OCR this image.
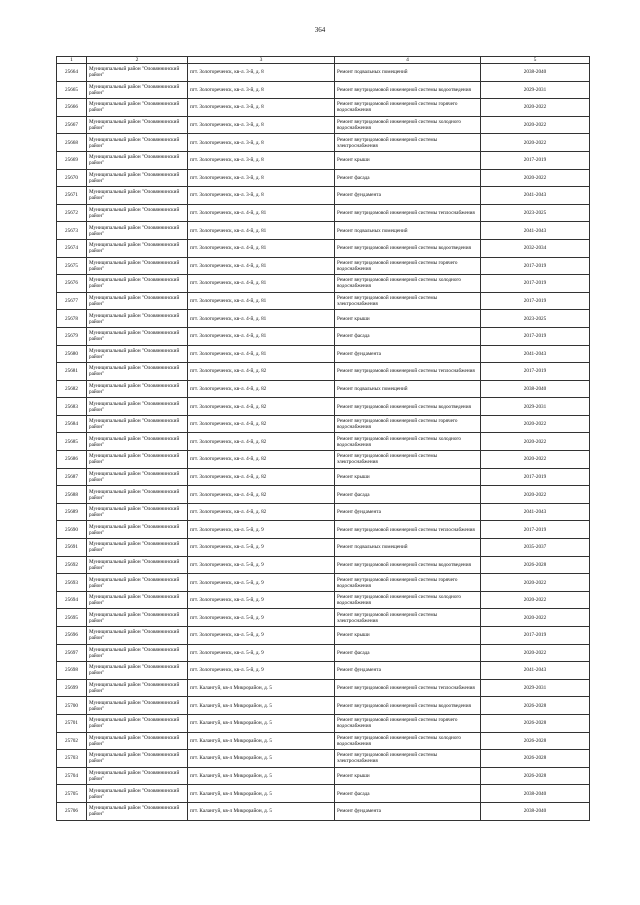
364
1	2	3	4	5
25664	Муниципальный район "Оловяннинский район"	пгт. Золотореченск, кв-л. 3-й, д. 8	Ремонт подвальных помещений	2038-2040
25665	Муниципальный район "Оловяннинский район"	пгт. Золотореченск, кв-л. 3-й, д. 8	Ремонт внутридомовой инженерной системы водоотведения	2029-2031
25666	Муниципальный район "Оловяннинский район"	пгт. Золотореченск, кв-л. 3-й, д. 8	Ремонт внутридомовой инженерной системы горячего водоснабжения	2020-2022
25667	Муниципальный район "Оловяннинский район"	пгт. Золотореченск, кв-л. 3-й, д. 8	Ремонт внутридомовой инженерной системы холодного водоснабжения	2020-2022
25668	Муниципальный район "Оловяннинский район"	пгт. Золотореченск, кв-л. 3-й, д. 8	Ремонт внутридомовой инженерной системы электроснабжения	2020-2022
25669	Муниципальный район "Оловяннинский район"	пгт. Золотореченск, кв-л. 3-й, д. 8	Ремонт крыши	2017-2019
25670	Муниципальный район "Оловяннинский район"	пгт. Золотореченск, кв-л. 3-й, д. 8	Ремонт фасада	2020-2022
25671	Муниципальный район "Оловяннинский район"	пгт. Золотореченск, кв-л. 3-й, д. 8	Ремонт фундамента	2041-2043
25672	Муниципальный район "Оловяннинский район"	пгт. Золотореченск, кв-л. 4-й, д. 81	Ремонт внутридомовой инженерной системы теплоснабжения	2023-2025
25673	Муниципальный район "Оловяннинский район"	пгт. Золотореченск, кв-л. 4-й, д. 81	Ремонт подвальных помещений	2041-2043
25674	Муниципальный район "Оловяннинский район"	пгт. Золотореченск, кв-л. 4-й, д. 81	Ремонт внутридомовой инженерной системы водоотведения	2032-2034
25675	Муниципальный район "Оловяннинский район"	пгт. Золотореченск, кв-л. 4-й, д. 81	Ремонт внутридомовой инженерной системы горячего водоснабжения	2017-2019
25676	Муниципальный район "Оловяннинский район"	пгт. Золотореченск, кв-л. 4-й, д. 81	Ремонт внутридомовой инженерной системы холодного водоснабжения	2017-2019
25677	Муниципальный район "Оловяннинский район"	пгт. Золотореченск, кв-л. 4-й, д. 81	Ремонт внутридомовой инженерной системы электроснабжения	2017-2019
25678	Муниципальный район "Оловяннинский район"	пгт. Золотореченск, кв-л. 4-й, д. 81	Ремонт крыши	2023-2025
25679	Муниципальный район "Оловяннинский район"	пгт. Золотореченск, кв-л. 4-й, д. 81	Ремонт фасада	2017-2019
25680	Муниципальный район "Оловяннинский район"	пгт. Золотореченск, кв-л. 4-й, д. 81	Ремонт фундамента	2041-2043
25681	Муниципальный район "Оловяннинский район"	пгт. Золотореченск, кв-л. 4-й, д. 82	Ремонт внутридомовой инженерной системы теплоснабжения	2017-2019
25682	Муниципальный район "Оловяннинский район"	пгт. Золотореченск, кв-л. 4-й, д. 82	Ремонт подвальных помещений	2038-2040
25683	Муниципальный район "Оловяннинский район"	пгт. Золотореченск, кв-л. 4-й, д. 82	Ремонт внутридомовой инженерной системы водоотведения	2029-2031
25684	Муниципальный район "Оловяннинский район"	пгт. Золотореченск, кв-л. 4-й, д. 82	Ремонт внутридомовой инженерной системы горячего водоснабжения	2020-2022
25685	Муниципальный район "Оловяннинский район"	пгт. Золотореченск, кв-л. 4-й, д. 82	Ремонт внутридомовой инженерной системы холодного водоснабжения	2020-2022
25686	Муниципальный район "Оловяннинский район"	пгт. Золотореченск, кв-л. 4-й, д. 82	Ремонт внутридомовой инженерной системы электроснабжения	2020-2022
25687	Муниципальный район "Оловяннинский район"	пгт. Золотореченск, кв-л. 4-й, д. 82	Ремонт крыши	2017-2019
25688	Муниципальный район "Оловяннинский район"	пгт. Золотореченск, кв-л. 4-й, д. 82	Ремонт фасада	2020-2022
25689	Муниципальный район "Оловяннинский район"	пгт. Золотореченск, кв-л. 4-й, д. 82	Ремонт фундамента	2041-2043
25690	Муниципальный район "Оловяннинский район"	пгт. Золотореченск, кв-л. 5-й, д. 9	Ремонт внутридомовой инженерной системы теплоснабжения	2017-2019
25691	Муниципальный район "Оловяннинский район"	пгт. Золотореченск, кв-л. 5-й, д. 9	Ремонт подвальных помещений	2035-2037
25692	Муниципальный район "Оловяннинский район"	пгт. Золотореченск, кв-л. 5-й, д. 9	Ремонт внутридомовой инженерной системы водоотведения	2026-2028
25693	Муниципальный район "Оловяннинский район"	пгт. Золотореченск, кв-л. 5-й, д. 9	Ремонт внутридомовой инженерной системы горячего водоснабжения	2020-2022
25694	Муниципальный район "Оловяннинский район"	пгт. Золотореченск, кв-л. 5-й, д. 9	Ремонт внутридомовой инженерной системы холодного водоснабжения	2020-2022
25695	Муниципальный район "Оловяннинский район"	пгт. Золотореченск, кв-л. 5-й, д. 9	Ремонт внутридомовой инженерной системы электроснабжения	2020-2022
25696	Муниципальный район "Оловяннинский район"	пгт. Золотореченск, кв-л. 5-й, д. 9	Ремонт крыши	2017-2019
25697	Муниципальный район "Оловяннинский район"	пгт. Золотореченск, кв-л. 5-й, д. 9	Ремонт фасада	2020-2022
25698	Муниципальный район "Оловяннинский район"	пгт. Золотореченск, кв-л. 5-й, д. 9	Ремонт фундамента	2041-2043
25699	Муниципальный район "Оловяннинский район"	пгт. Калангуй, кв-л Микрорайон, д. 5	Ремонт внутридомовой инженерной системы теплоснабжения	2029-2031
25700	Муниципальный район "Оловяннинский район"	пгт. Калангуй, кв-л Микрорайон, д. 5	Ремонт внутридомовой инженерной системы водоотведения	2026-2028
25701	Муниципальный район "Оловяннинский район"	пгт. Калангуй, кв-л Микрорайон, д. 5	Ремонт внутридомовой инженерной системы горячего водоснабжения	2026-2028
25702	Муниципальный район "Оловяннинский район"	пгт. Калангуй, кв-л Микрорайон, д. 5	Ремонт внутридомовой инженерной системы холодного водоснабжения	2026-2028
25703	Муниципальный район "Оловяннинский район"	пгт. Калангуй, кв-л Микрорайон, д. 5	Ремонт внутридомовой инженерной системы электроснабжения	2026-2028
25704	Муниципальный район "Оловяннинский район"	пгт. Калангуй, кв-л Микрорайон, д. 5	Ремонт крыши	2026-2028
25705	Муниципальный район "Оловяннинский район"	пгт. Калангуй, кв-л Микрорайон, д. 5	Ремонт фасада	2038-2040
25706	Муниципальный район "Оловяннинский район"	пгт. Калангуй, кв-л Микрорайон, д. 5	Ремонт фундамента	2038-2040
